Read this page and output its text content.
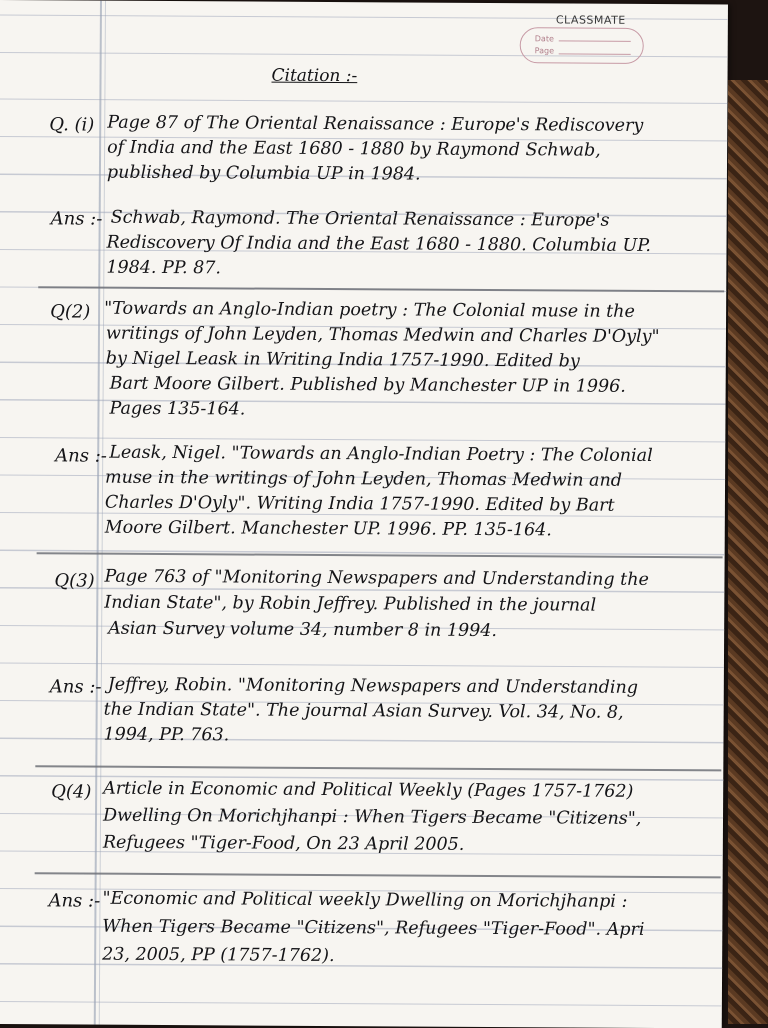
CLASSMATE
Date
Page
Citation :-
Q. (i) Page 87 of The Oriental Renaissance : Europe's Rediscovery
of India and the East 1680 - 1880 by Raymond Schwab,
published by Columbia UP in 1984.
Ans :- Schwab, Raymond. The Oriental Renaissance : Europe's
Rediscovery Of India and the East 1680 - 1880. Columbia UP.
1984. PP. 87.
Q(2) "Towards an Anglo-Indian poetry : The Colonial muse in the
writings of John Leyden, Thomas Medwin and Charles D'Oyly"
by Nigel Leask in Writing India 1757-1990. Edited by
Bart Moore Gilbert. Published by Manchester UP in 1996.
Pages 135-164.
Ans :- Leask, Nigel. "Towards an Anglo-Indian Poetry : The Colonial
muse in the writings of John Leyden, Thomas Medwin and
Charles D'Oyly". Writing India 1757-1990. Edited by Bart
Moore Gilbert. Manchester UP. 1996. PP. 135-164.
Q(3) Page 763 of "Monitoring Newspapers and Understanding the
Indian State", by Robin Jeffrey. Published in the journal
Asian Survey volume 34, number 8 in 1994.
Ans :- Jeffrey, Robin. "Monitoring Newspapers and Understanding
the Indian State". The journal Asian Survey. Vol. 34, No. 8,
1994, PP. 763.
Q(4) Article in Economic and Political Weekly (Pages 1757-1762)
Dwelling On Morichjhanpi : When Tigers Became "Citizens",
Refugees "Tiger-Food, On 23 April 2005.
Ans :- "Economic and Political weekly Dwelling on Morichjhanpi :
When Tigers Became "Citizens", Refugees "Tiger-Food". Apri
23, 2005, PP (1757-1762).
